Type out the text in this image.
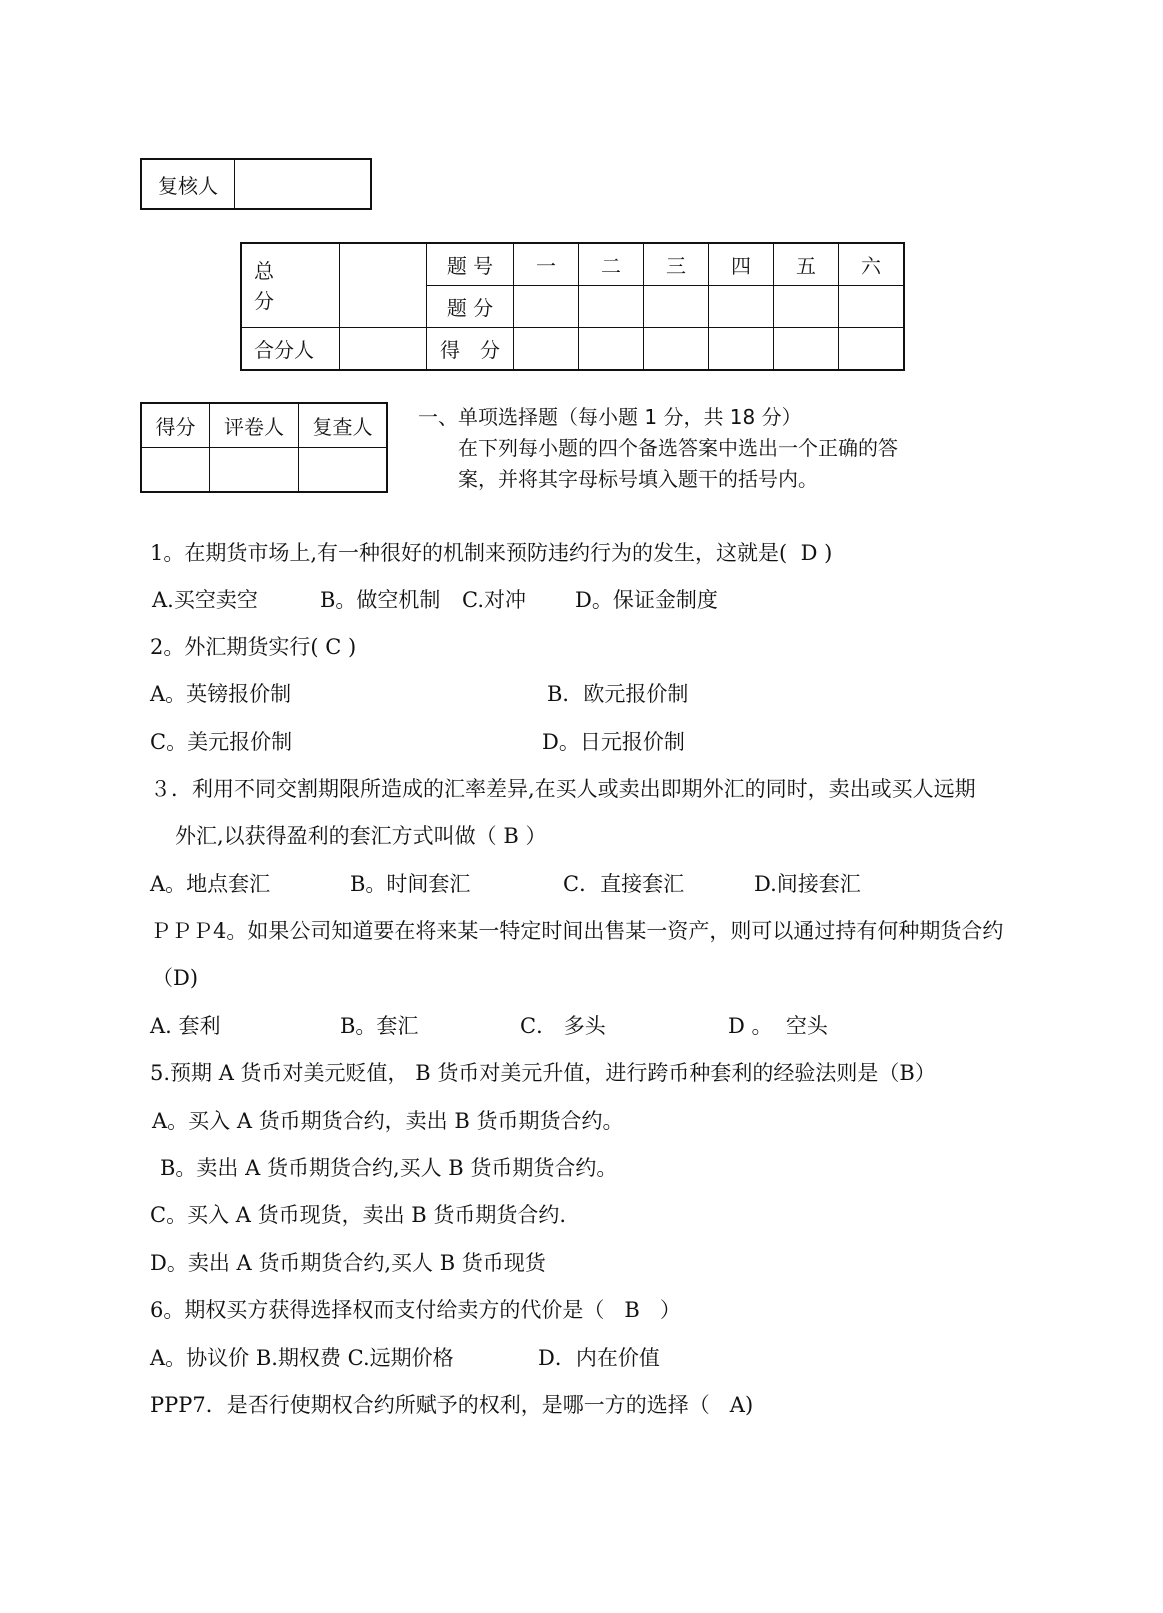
复核人	
总
分		题 号	一	二	三	四	五	六
		题 分						
合分人		得　分						
得分	评卷人	复查人
		一、单项选择题（每小题 1 分，共 18 分）
在下列每小题的四个备选答案中选出一个正确的答
案，并将其字母标号填入题干的括号内。
1。在期货市场上,有一种很好的机制来预防违约行为的发生，这就是(  D )
A.买空卖空	B。做空机制 C.对冲 D。保证金制度
2。外汇期货实行( C )
A。英镑报价制	B．欧元报价制
C。美元报价制	D。日元报价制
３．利用不同交割期限所造成的汇率差异,在买人或卖出即期外汇的同时，卖出或买人远期
外汇,以获得盈利的套汇方式叫做（ B ）
A。地点套汇	B。时间套汇	C．直接套汇	D.间接套汇
ＰＰＰ4。如果公司知道要在将来某一特定时间出售某一资产，则可以通过持有何种期货合约
（D)
A. 套利	B。套汇	C． 多头	D 。  空头
5.预期 A 货币对美元贬值， B 货币对美元升值，进行跨币种套利的经验法则是（B）
A。买入 A 货币期货合约，卖出 B 货币期货合约。
B。卖出 A 货币期货合约,买人 B 货币期货合约。
C。买入 A 货币现货，卖出 B 货币期货合约.
D。卖出 A 货币期货合约,买人 B 货币现货
6。期权买方获得选择权而支付给卖方的代价是（   B   ）
A。协议价 B.期权费 C.远期价格	D．内在价值
PPP7．是否行使期权合约所赋予的权利，是哪一方的选择（   A)
